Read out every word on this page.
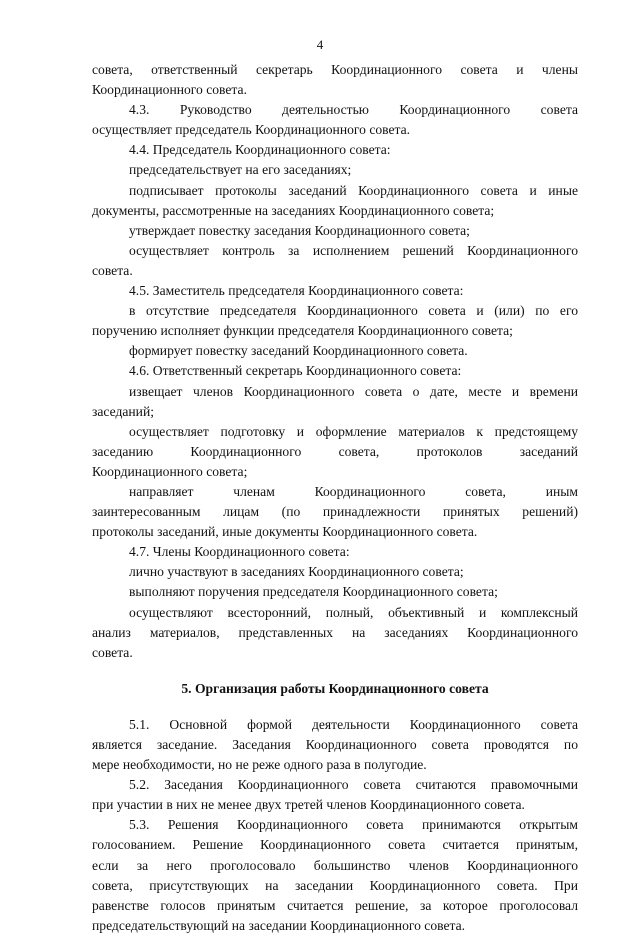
4
совета, ответственный секретарь Координационного совета и члены
Координационного совета.
4.3. Руководство деятельностью Координационного совета
осуществляет председатель Координационного совета.
4.4. Председатель Координационного совета:
председательствует на его заседаниях;
подписывает протоколы заседаний Координационного совета и иные
документы, рассмотренные на заседаниях Координационного совета;
утверждает повестку заседания Координационного совета;
осуществляет контроль за исполнением решений Координационного
совета.
4.5. Заместитель председателя Координационного совета:
в отсутствие председателя Координационного совета и (или) по его
поручению исполняет функции председателя Координационного совета;
формирует повестку заседаний Координационного совета.
4.6. Ответственный секретарь Координационного совета:
извещает членов Координационного совета о дате, месте и времени
заседаний;
осуществляет подготовку и оформление материалов к предстоящему
заседанию Координационного совета, протоколов заседаний
Координационного совета;
направляет членам Координационного совета, иным
заинтересованным лицам (по принадлежности принятых решений)
протоколы заседаний, иные документы Координационного совета.
4.7. Члены Координационного совета:
лично участвуют в заседаниях Координационного совета;
выполняют поручения председателя Координационного совета;
осуществляют всесторонний, полный, объективный и комплексный
анализ материалов, представленных на заседаниях Координационного
совета.
5. Организация работы Координационного совета
5.1. Основной формой деятельности Координационного совета
является заседание. Заседания Координационного совета проводятся по
мере необходимости, но не реже одного раза в полугодие.
5.2. Заседания Координационного совета считаются правомочными
при участии в них не менее двух третей членов Координационного совета.
5.3. Решения Координационного совета принимаются открытым
голосованием. Решение Координационного совета считается принятым,
если за него проголосовало большинство членов Координационного
совета, присутствующих на заседании Координационного совета. При
равенстве голосов принятым считается решение, за которое проголосовал
председательствующий на заседании Координационного совета.
